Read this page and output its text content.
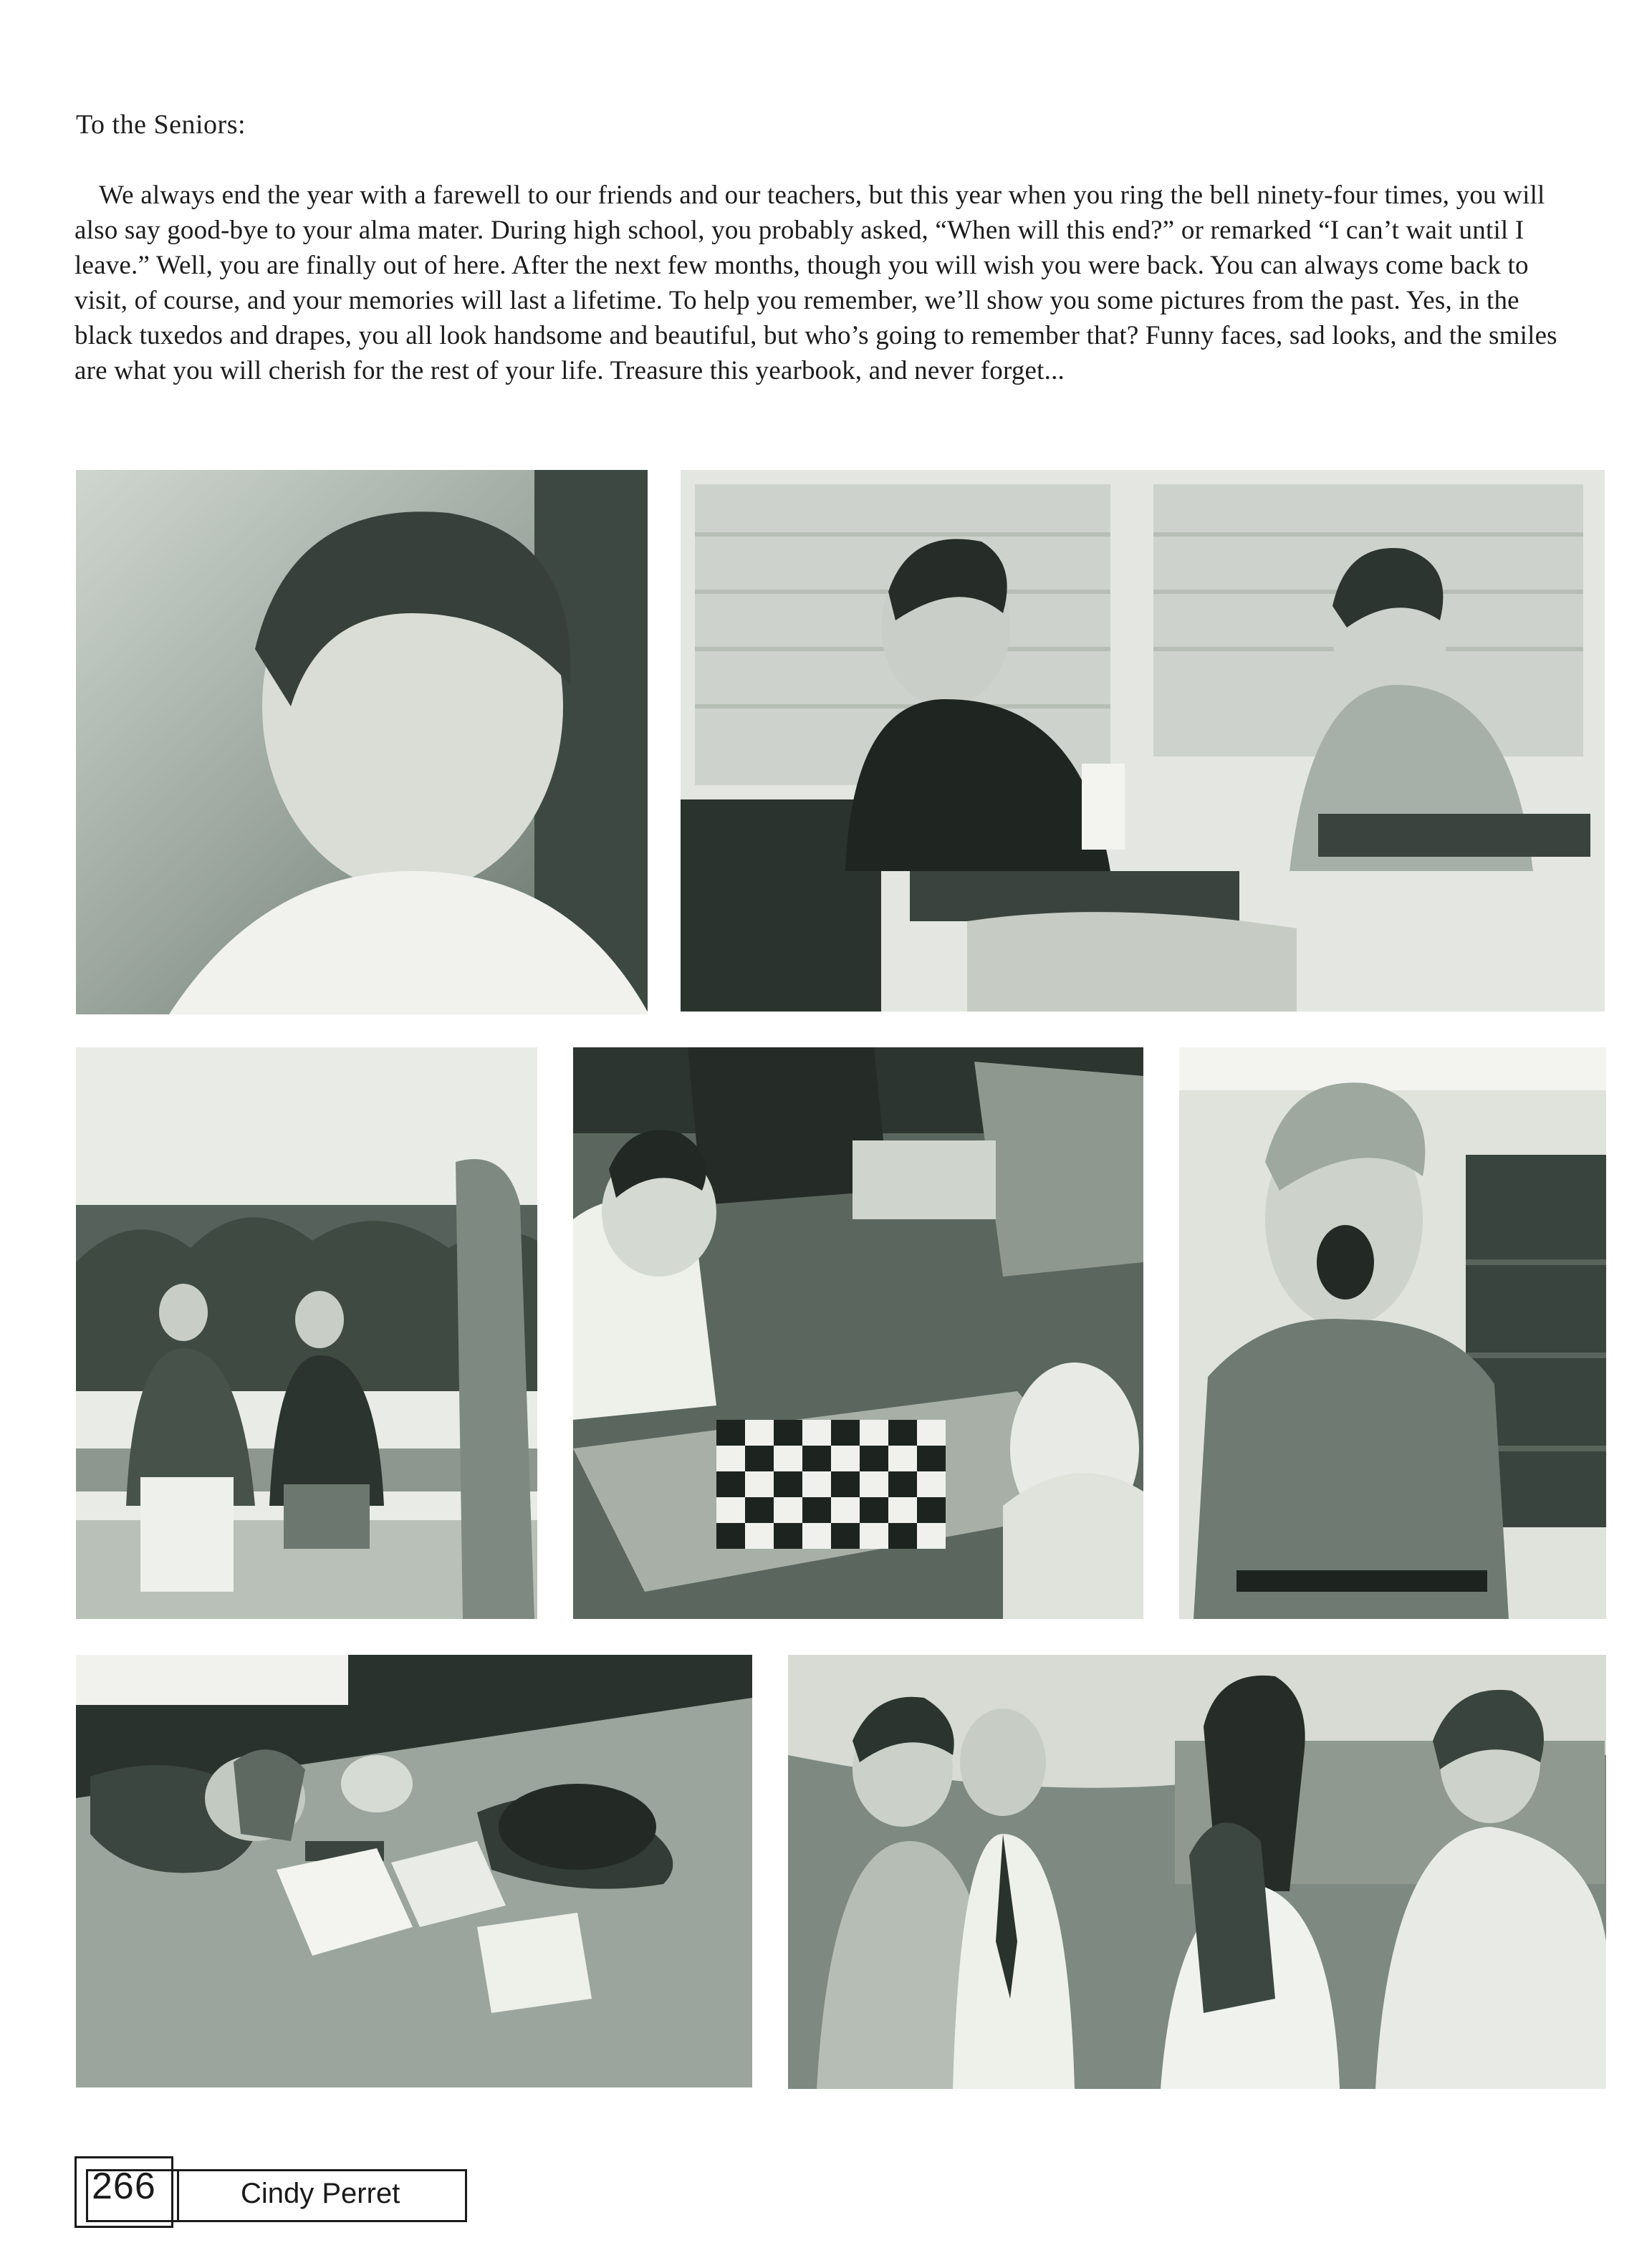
To the Seniors:

We always end the year with a farewell to our friends and our teachers, but this year when you ring the bell ninety-four times, you will also say good-bye to your alma mater. During high school, you probably asked, “When will this end?” or remarked “I can’t wait until I leave.” Well, you are finally out of here. After the next few months, though you will wish you were back. You can always come back to visit, of course, and your memories will last a lifetime. To help you remember, we’ll show you some pictures from the past. Yes, in the black tuxedos and drapes, you all look handsome and beautiful, but who’s going to remember that? Funny faces, sad looks, and the smiles are what you will cherish for the rest of your life. Treasure this yearbook, and never forget...

266	Cindy Perret
